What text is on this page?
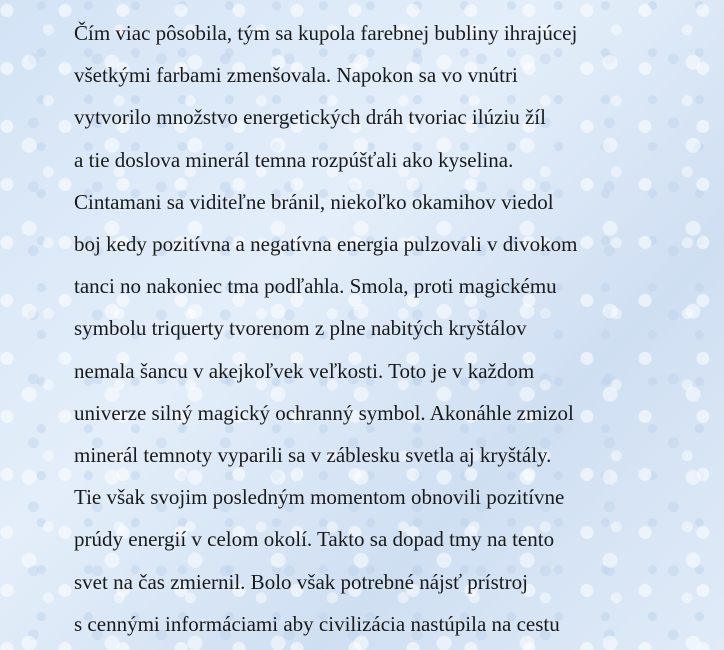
Čím viac pôsobila, tým sa kupola farebnej bubliny ihrajúcej
všetkými farbami zmenšovala. Napokon sa vo vnútri
vytvorilo množstvo energetických dráh tvoriac ilúziu žíl
a tie doslova minerál temna rozpúšťali ako kyselina.
Cintamani sa viditeľne bránil, niekoľko okamihov viedol
boj kedy pozitívna a negatívna energia pulzovali v divokom
tanci no nakoniec tma podľahla. Smola, proti magickému
symbolu triquerty tvorenom z plne nabitých kryštálov
nemala šancu v akejkoľvek veľkosti. Toto je v každom
univerze silný magický ochranný symbol. Akonáhle zmizol
minerál temnoty vyparili sa v záblesku svetla aj kryštály.
Tie však svojim posledným momentom obnovili pozitívne
prúdy energií v celom okolí. Takto sa dopad tmy na tento
svet na čas zmiernil. Bolo však potrebné nájsť prístroj
s cennými informáciami aby civilizácia nastúpila na cestu
